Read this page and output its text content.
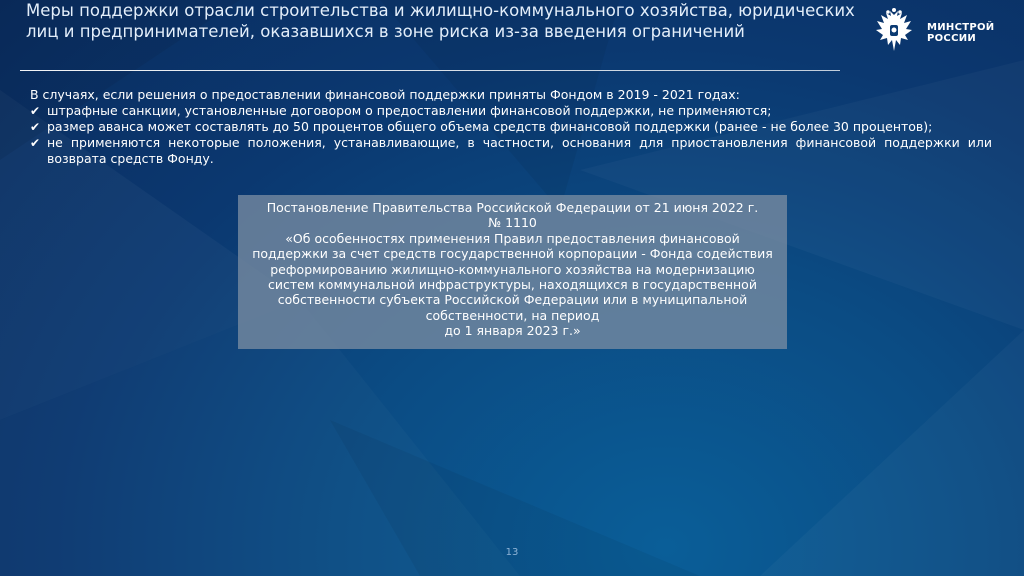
Меры поддержки отрасли строительства и жилищно-коммунального хозяйства, юридических лиц и предпринимателей, оказавшихся в зоне риска из-за введения ограничений	МИНСТРОЙ
РОССИИ

В случаях, если решения о предоставлении финансовой поддержки приняты Фондом в 2019 - 2021 годах:

✔ штрафные санкции, установленные договором о предоставлении финансовой поддержки, не применяются;
✔ размер аванса может составлять до 50 процентов общего объема средств финансовой поддержки (ранее - не более 30 процентов);
✔ не применяются некоторые положения, устанавливающие, в частности, основания для приостановления финансовой поддержки или возврата средств Фонду.
Постановление Правительства Российской Федерации от 21 июня 2022 г.
№ 1110
«Об особенностях применения Правил предоставления финансовой поддержки за счет средств государственной корпорации - Фонда содействия реформированию жилищно-коммунального хозяйства на модернизацию систем коммунальной инфраструктуры, находящихся в государственной собственности субъекта Российской Федерации или в муниципальной собственности, на период
до 1 января 2023 г.»
13
